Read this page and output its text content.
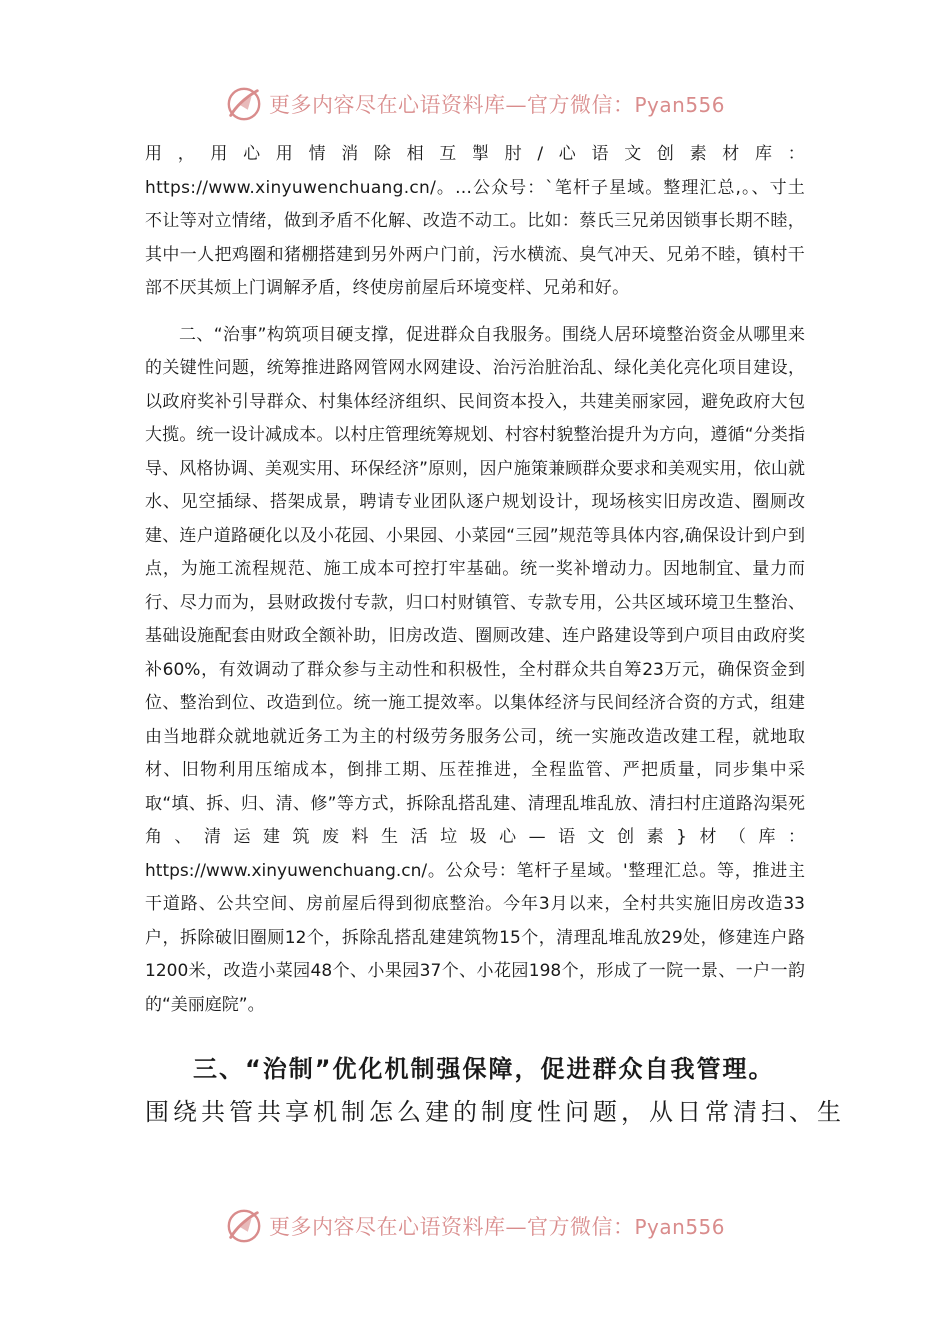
更多内容尽在心语资料库—官方微信：Pyan556

用，用心用情消除相互掣肘/心语文创素材库：https://www.xinyuwenchuang.cn/。…公众号：`笔杆子星域。整理汇总,。、寸土不让等对立情绪，做到矛盾不化解、改造不动工。比如：蔡氏三兄弟因锁事长期不睦，其中一人把鸡圈和猪棚搭建到另外两户门前，污水横流、臭气冲天、兄弟不睦，镇村干部不厌其烦上门调解矛盾，终使房前屋后环境变样、兄弟和好。

二、“治事”构筑项目硬支撑，促进群众自我服务。围绕人居环境整治资金从哪里来的关键性问题，统筹推进路网管网水网建设、治污治脏治乱、绿化美化亮化项目建设，以政府奖补引导群众、村集体经济组织、民间资本投入，共建美丽家园，避免政府大包大揽。统一设计减成本。以村庄管理统筹规划、村容村貌整治提升为方向，遵循“分类指导、风格协调、美观实用、环保经济”原则，因户施策兼顾群众要求和美观实用，依山就水、见空插绿、搭架成景，聘请专业团队逐户规划设计，现场核实旧房改造、圈厕改建、连户道路硬化以及小花园、小果园、小菜园“三园”规范等具体内容,确保设计到户到点，为施工流程规范、施工成本可控打牢基础。统一奖补增动力。因地制宜、量力而行、尽力而为，县财政拨付专款，归口村财镇管、专款专用，公共区域环境卫生整治、基础设施配套由财政全额补助，旧房改造、圈厕改建、连户路建设等到户项目由政府奖补60%，有效调动了群众参与主动性和积极性，全村群众共自筹23万元，确保资金到位、整治到位、改造到位。统一施工提效率。以集体经济与民间经济合资的方式，组建由当地群众就地就近务工为主的村级劳务服务公司，统一实施改造改建工程，就地取材、旧物利用压缩成本，倒排工期、压茬推进，全程监管、严把质量，同步集中采取“填、拆、归、清、修”等方式，拆除乱搭乱建、清理乱堆乱放、清扫村庄道路沟渠死角、清运建筑废料生活垃圾心—语文创素}材（库：https://www.xinyuwenchuang.cn/。公众号：笔杆子星域。'整理汇总。等，推进主干道路、公共空间、房前屋后得到彻底整治。今年3月以来，全村共实施旧房改造33户，拆除破旧圈厕12个，拆除乱搭乱建建筑物15个，清理乱堆乱放29处，修建连户路1200米，改造小菜园48个、小果园37个、小花园198个，形成了一院一景、一户一韵的“美丽庭院”。

三、“治制”优化机制强保障，促进群众自我管理。

围绕共管共享机制怎么建的制度性问题，从日常清扫、生

更多内容尽在心语资料库—官方微信：Pyan556
